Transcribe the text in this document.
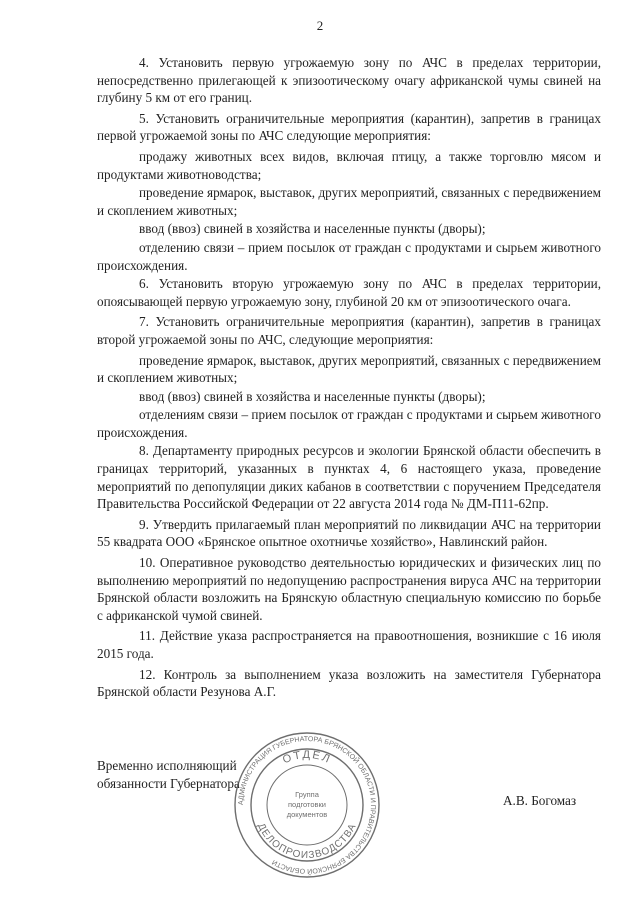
2

4. Установить первую угрожаемую зону по АЧС в пределах территории, непосредственно прилегающей к эпизоотическому очагу африканской чумы свиней на глубину 5 км от его границ.

5. Установить ограничительные мероприятия (карантин), запретив в границах первой угрожаемой зоны по АЧС следующие мероприятия:

продажу животных всех видов, включая птицу, а также торговлю мясом и продуктами животноводства;

проведение ярмарок, выставок, других мероприятий, связанных с передвижением и скоплением животных;

ввод (ввоз) свиней в хозяйства и населенные пункты (дворы);

отделению связи – прием посылок от граждан с продуктами и сырьем животного происхождения.

6. Установить вторую угрожаемую зону по АЧС в пределах территории, опоясывающей первую угрожаемую зону, глубиной 20 км от эпизоотического очага.

7. Установить ограничительные мероприятия (карантин), запретив в границах второй угрожаемой зоны по АЧС, следующие мероприятия:

проведение ярмарок, выставок, других мероприятий, связанных с передвижением и скоплением животных;

ввод (ввоз) свиней в хозяйства и населенные пункты (дворы);

отделениям связи – прием посылок от граждан с продуктами и сырьем животного происхождения.

8. Департаменту природных ресурсов и экологии Брянской области обеспечить в границах территорий, указанных в пунктах 4, 6 настоящего указа, проведение мероприятий по депопуляции диких кабанов в соответствии с поручением Председателя Правительства Российской Федерации от 22 августа 2014 года № ДМ-П11-62пр.

9. Утвердить прилагаемый план мероприятий по ликвидации АЧС на территории 55 квадрата ООО «Брянское опытное охотничье хозяйство», Навлинский район.

10. Оперативное руководство деятельностью юридических и физических лиц по выполнению мероприятий по недопущению распространения вируса АЧС на территории Брянской области возложить на Брянскую областную специальную комиссию по борьбе с африканской чумой свиней.

11. Действие указа распространяется на правоотношения, возникшие с 16 июля 2015 года.

12. Контроль за выполнением указа возложить на заместителя Губернатора Брянской области Резунова А.Г.

Временно исполняющий
обязанности Губернатора
А.В. Богомаз
АДМИНИСТРАЦИЯ ГУБЕРНАТОРА БРЯНСКОЙ ОБЛАСТИ И ПРАВИТЕЛЬСТВА БРЯНСКОЙ ОБЛАСТИ
ОТДЕЛ
ДЕЛОПРОИЗВОДСТВА
Группа
подготовки
документов
